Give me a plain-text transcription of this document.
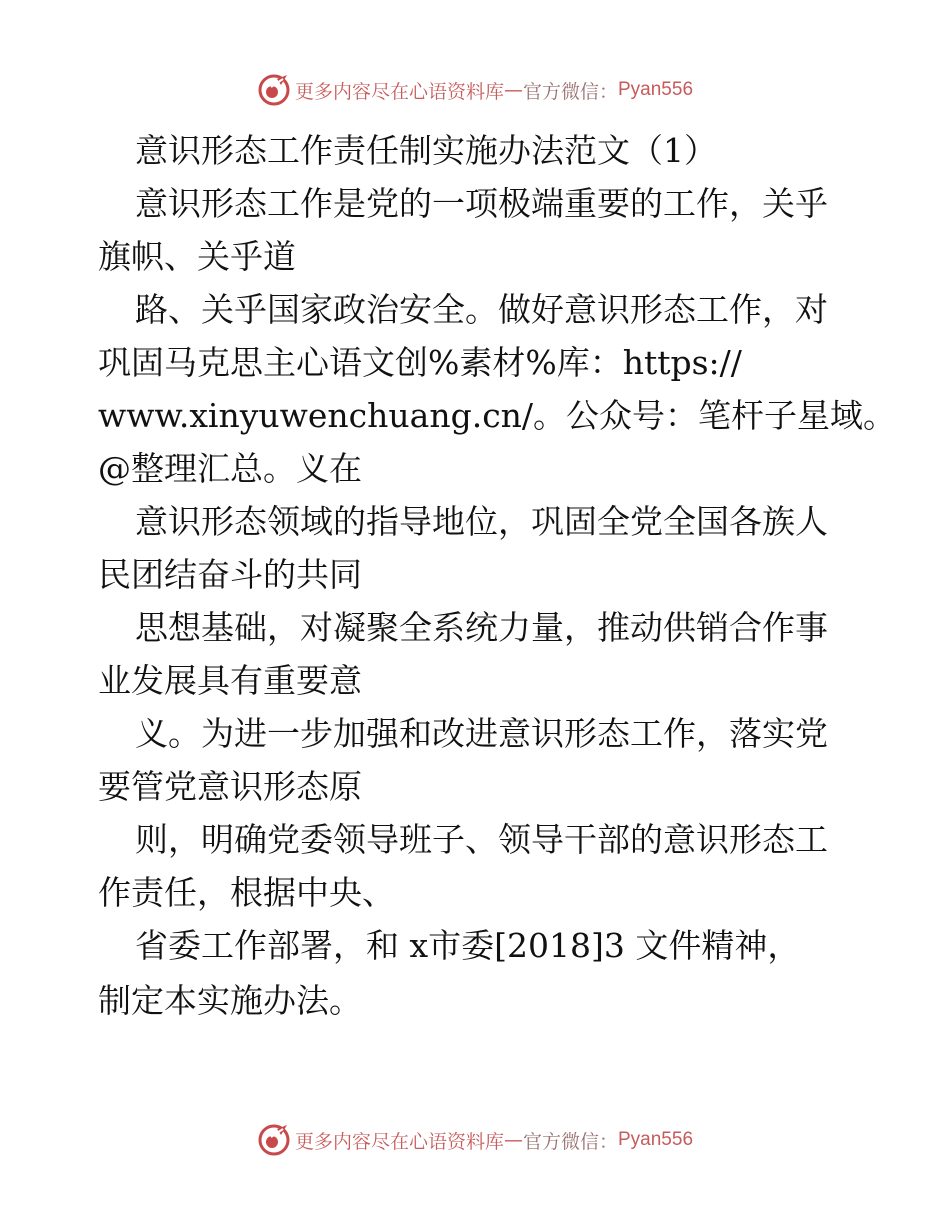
更多内容尽在心语资料库 — 官方微信： Pyan556
意识形态工作责任制实施办法范文（1）
意识形态工作是党的一项极端重要的工作，关乎
旗帜、关乎道
路、关乎国家政治安全。做好意识形态工作，对
巩固马克思主心语文创%素材%库：https://
www.xinyuwenchuang.cn/。公众号：笔杆子星域。
@整理汇总。义在
意识形态领域的指导地位，巩固全党全国各族人
民团结奋斗的共同
思想基础，对凝聚全系统力量，推动供销合作事
业发展具有重要意
义。为进一步加强和改进意识形态工作，落实党
要管党意识形态原
则，明确党委领导班子、领导干部的意识形态工
作责任，根据中央、
省委工作部署，和 x市委[2018]3 文件精神，
制定本实施办法。
更多内容尽在心语资料库 — 官方微信： Pyan556
